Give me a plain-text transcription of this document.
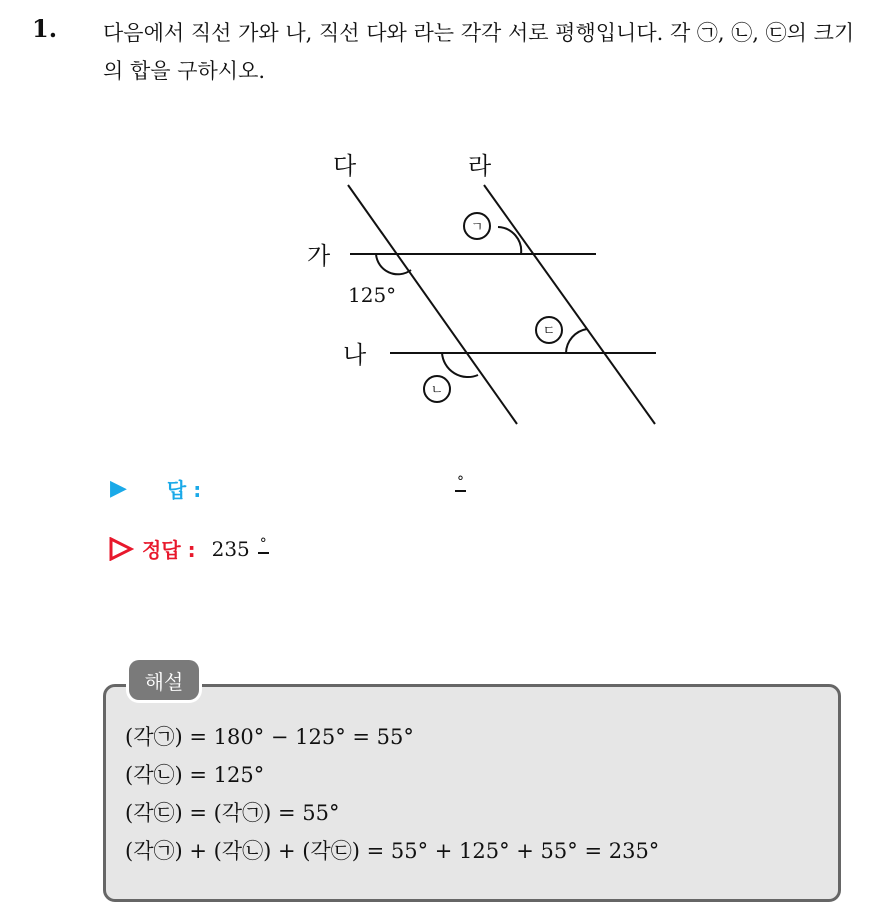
1. 다음에서 직선 가와 나, 직선 다와 라는 각각 서로 평행입니다. 각 ㉠, ㉡, ㉢의 크기의 합을 구하시오.
다	라
가
나
ㄱ
ㄴ
ㄷ
125°
▶ 답 :	°
정답 : 235 °
해설
(각㉠) = 180° − 125° = 55°
(각㉡) = 125°
(각㉢) = (각㉠) = 55°
(각㉠) + (각㉡) + (각㉢) = 55° + 125° + 55° = 235°
